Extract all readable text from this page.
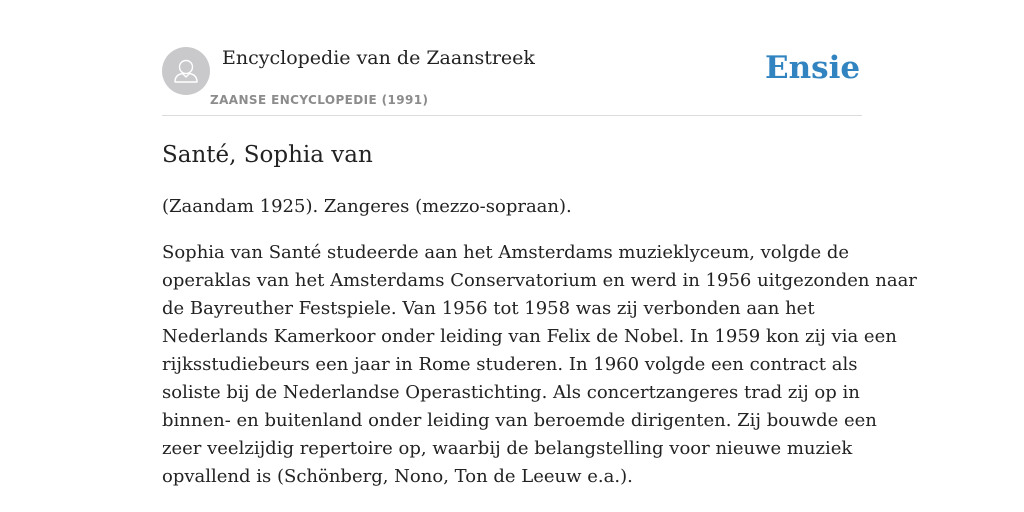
Encyclopedie van de Zaanstreek
ZAANSE ENCYCLOPEDIE (1991)
Ensie
Santé, Sophia van

(Zaandam 1925). Zangeres (mezzo-sopraan).

Sophia van Santé studeerde aan het Amsterdams muzieklyceum, volgde de
operaklas van het Amsterdams Conservatorium en werd in 1956 uitgezonden naar
de Bayreuther Festspiele. Van 1956 tot 1958 was zij verbonden aan het
Nederlands Kamerkoor onder leiding van Felix de Nobel. In 1959 kon zij via een
rijksstudiebeurs een jaar in Rome studeren. In 1960 volgde een contract als
soliste bij de Nederlandse Operastichting. Als concertzangeres trad zij op in
binnen- en buitenland onder leiding van beroemde dirigenten. Zij bouwde een
zeer veelzijdig repertoire op, waarbij de belangstelling voor nieuwe muziek
opvallend is (Schönberg, Nono, Ton de Leeuw e.a.).
